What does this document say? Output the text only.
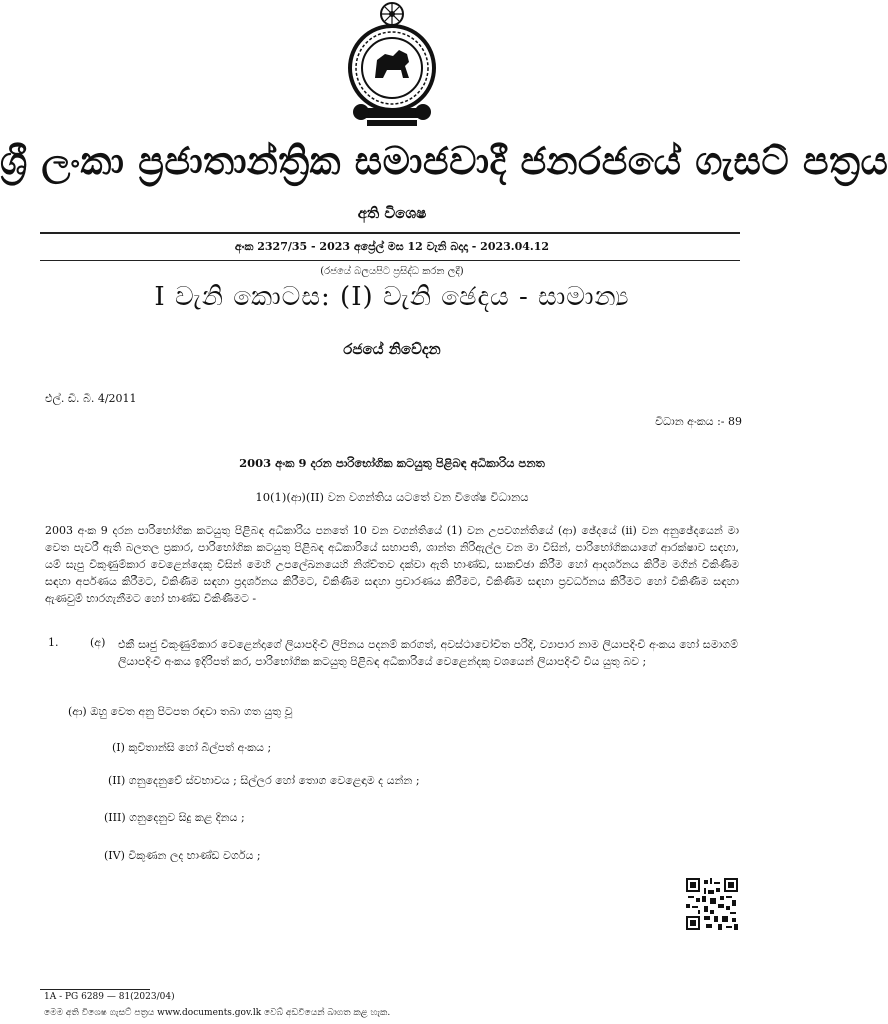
ශ්‍රී ලංකා ප්‍රජාතාන්ත්‍රික සමාජවාදී ජනරජයේ ගැසට් පත්‍රය
අති විශෙෂ
අංක 2327/35 - 2023 අප්‍රේල් මස 12 වැනි බදාදා - 2023.04.12
(රජයේ බලයපිට ප්‍රසිද්ධ කරන ලදී)
I වැනි කොටස: (I) වැනි ඡෙදය - සාමාන්‍ය
රජයේ නිවේදන
එල්. ඩී. බී. 4/2011
විධාන අංකය :- 89
2003 අංක 9 දරන පාරිභෝගික කටයුතු පිළිබඳ අධිකාරිය පනත
10(1)(ආ)(II) වන වගන්තිය යටතේ වන විශේෂ විධානය
2003 අංක 9 දරන පාරිභෝගික කටයුතු පිළිබඳ අධිකාරිය පනතේ 10 වන වගන්තියේ (1) වන උපවගන්තියේ (ආ) ඡේදයේ (ii) වන අනුඡේදයෙන් මා වෙත පැවරී ඇති බලතල ප්‍රකාර, පාරිභෝගික කටයුතු පිළිබඳ අධිකාරියේ සභාපති, ශාන්ත නිරිඇල්ල වන මා විසින්, පාරිභෝගිකයාගේ ආරක්ෂාව සඳහා, යම් සැපු විකුණුම්කාර වෙළෙන්දෙකු විසින් මෙහි උපලේඛනයෙහි නිශ්චිතව දක්වා ඇති භාණ්ඩ, සාකච්ඡා කිරීම හෝ ආදර්ශනය කිරීම මගින් විකිණීම සඳහා අර්පණය කිරීමට, විකිණීම සඳහා ප්‍රදර්ශනය කිරීමට, විකිණීම සඳහා ප්‍රචාරණය කිරීමට, විකිණීම සඳහා ප්‍රවර්ධනය කිරීමට හෝ විකිණීම සඳහා ඇණවුම් භාරගැනීමට හෝ භාණ්ඩ විකිණීමට -
1.	(අ) එකී සෘජු විකුණුම්කාර වෙළෙන්දාගේ ලියාපදිංචි ලිපිනය පදනම් කරගත්, අවස්ථාවෝචිත පරිදි, ව්‍යාපාර නාම ලියාපදිංචි අංකය හෝ සමාගම් ලියාපදිංචි අංකය ඉදිරිපත් කර, පාරිභෝගික කටයුතු පිළිබඳ අධිකාරියේ වෙළෙන්දකු වශයෙන් ලියාපදිංචි විය යුතු බව ;
(ආ) ඔහු වෙත අනු පිටපත රඳවා තබා ගත යුතු වූ
(I) කුවිතාන්සි හෝ බිල්පත් අංකය ;
(II) ගනුදෙනුවේ ස්වභාවය ; සිල්ලර හෝ තොග වෙළෙඳාම ද යන්න ;
(III) ගනුදෙනුව සිදු කළ දිනය ;
(IV) විකුණන ලද භාණ්ඩ වර්ගය ;
1A - PG 6289 — 81(2023/04)
මෙම අති විශෙෂ ගැසට් පත්‍රය www.documents.gov.lk වෙබ් අඩවියෙන් බාගත කළ හැක.
